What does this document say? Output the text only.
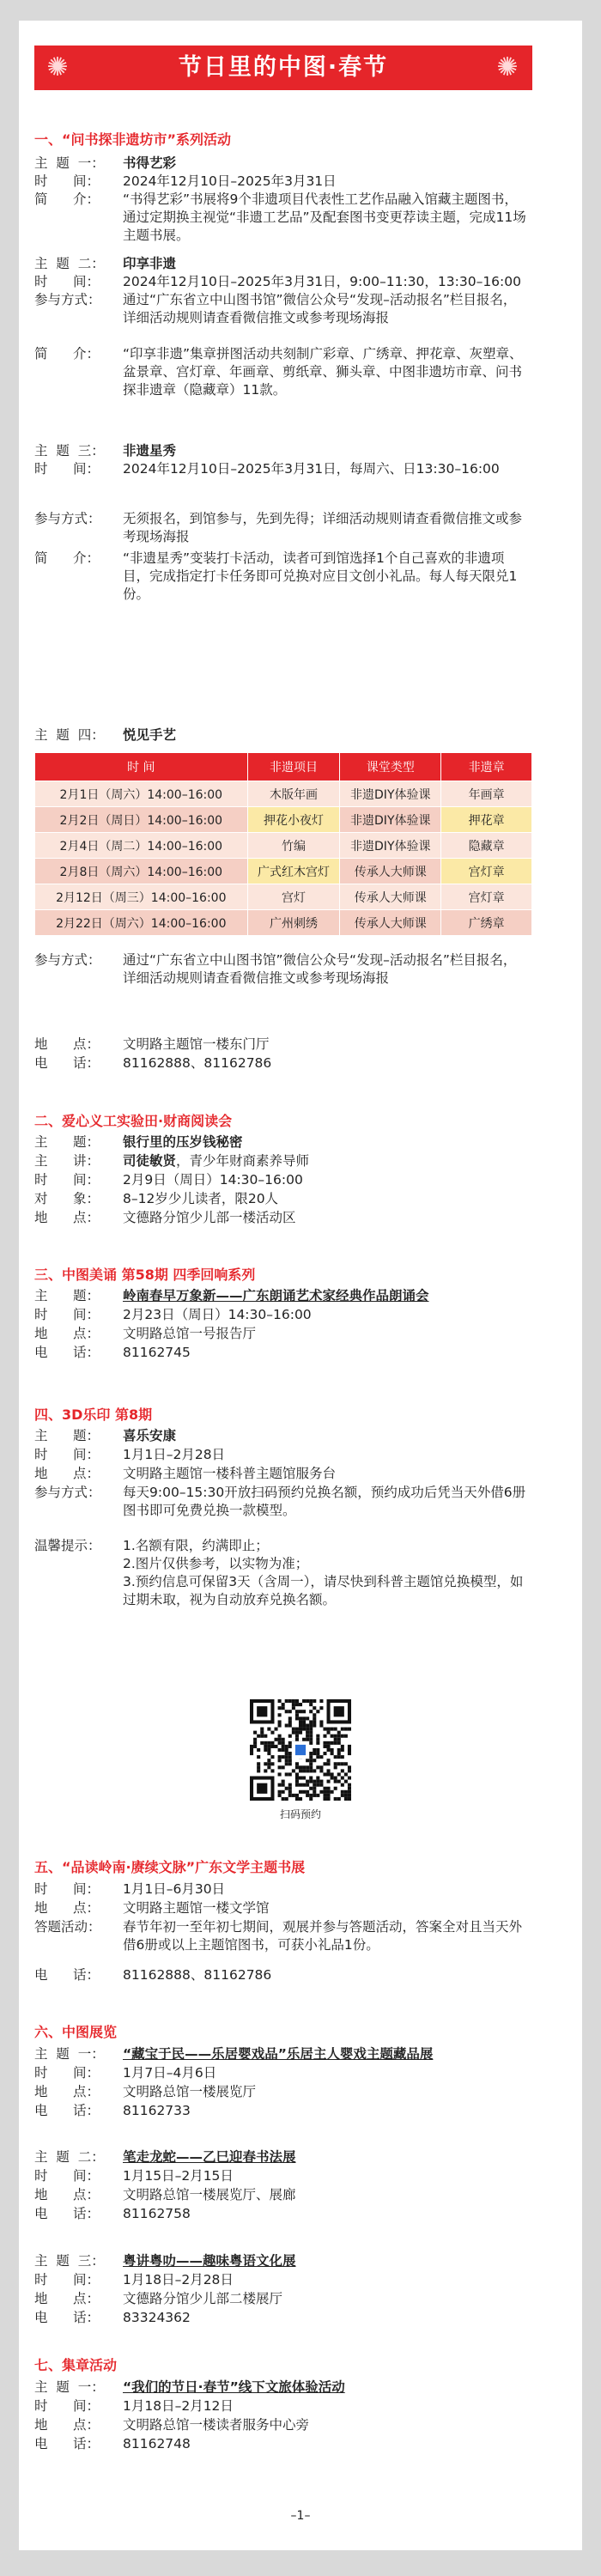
✺	节日里的中图·春节	✺
一、“问书探非遗坊市”系列活动
主  题  一：	书得艺彩
时      间：	2024年12月10日–2025年3月31日
简      介：	“书得艺彩”书展将9个非遗项目代表性工艺作品融入馆藏主题图书，通过定期换主视觉“非遗工艺品”及配套图书变更荐读主题，完成11场主题书展。
主  题  二：	印享非遗
时      间：	2024年12月10日–2025年3月31日，9:00–11:30，13:30–16:00
参与方式：	通过“广东省立中山图书馆”微信公众号“发现–活动报名”栏目报名，详细活动规则请查看微信推文或参考现场海报
简      介：	“印享非遗”集章拼图活动共刻制广彩章、广绣章、押花章、灰塑章、盆景章、宫灯章、年画章、剪纸章、狮头章、中图非遗坊市章、问书探非遗章（隐藏章）11款。
主  题  三：	非遗星秀
时      间：	2024年12月10日–2025年3月31日，每周六、日13:30–16:00
参与方式：	无须报名，到馆参与，先到先得；详细活动规则请查看微信推文或参考现场海报
简      介：	“非遗星秀”变装打卡活动，读者可到馆选择1个自己喜欢的非遗项目，完成指定打卡任务即可兑换对应目文创小礼品。每人每天限兑1份。
主  题  四：	悦见手艺
时 间	非遗项目	课堂类型	非遗章
2月1日（周六）14:00–16:00	木版年画	非遗DIY体验课	年画章
2月2日（周日）14:00–16:00	押花小夜灯	非遗DIY体验课	押花章
2月4日（周二）14:00–16:00	竹编	非遗DIY体验课	隐藏章
2月8日（周六）14:00–16:00	广式红木宫灯	传承人大师课	宫灯章
2月12日（周三）14:00–16:00	宫灯	传承人大师课	宫灯章
2月22日（周六）14:00–16:00	广州刺绣	传承人大师课	广绣章
参与方式：	通过“广东省立中山图书馆”微信公众号“发现–活动报名”栏目报名，详细活动规则请查看微信推文或参考现场海报
地      点：	文明路主题馆一楼东门厅
电      话：	81162888、81162786
二、爱心义工实验田·财商阅读会
主      题：	银行里的压岁钱秘密
主      讲：	司徒敏贤，青少年财商素养导师
时      间：	2月9日（周日）14:30–16:00
对      象：	8–12岁少儿读者，限20人
地      点：	文德路分馆少儿部一楼活动区
三、中图美诵 第58期 四季回响系列
主      题：	岭南春早万象新——广东朗诵艺术家经典作品朗诵会
时      间：	2月23日（周日）14:30–16:00
地      点：	文明路总馆一号报告厅
电      话：	81162745
四、3D乐印 第8期
主      题：	喜乐安康
时      间：	1月1日–2月28日
地      点：	文明路主题馆一楼科普主题馆服务台
参与方式：	每天9:00–15:30开放扫码预约兑换名额，预约成功后凭当天外借6册图书即可免费兑换一款模型。
温馨提示：	1.名额有限，约满即止；
2.图片仅供参考，以实物为准；
3.预约信息可保留3天（含周一），请尽快到科普主题馆兑换模型，如过期未取，视为自动放弃兑换名额。
扫码预约
五、“品读岭南·赓续文脉”广东文学主题书展
时      间：	1月1日–6月30日
地      点：	文明路主题馆一楼文学馆
答题活动：	春节年初一至年初七期间，观展并参与答题活动，答案全对且当天外借6册或以上主题馆图书，可获小礼品1份。
电      话：	81162888、81162786
六、中图展览
主  题  一：	“藏宝于民——乐居婴戏品”乐居主人婴戏主题藏品展
时      间：	1月7日–4月6日
地      点：	文明路总馆一楼展览厅
电      话：	81162733
主  题  二：	笔走龙蛇——乙巳迎春书法展
时      间：	1月15日–2月15日
地      点：	文明路总馆一楼展览厅、展廊
电      话：	81162758
主  题  三：	粤讲粤叻——趣味粤语文化展
时      间：	1月18日–2月28日
地      点：	文德路分馆少儿部二楼展厅
电      话：	83324362
七、集章活动
主  题  一：	“我们的节日·春节”线下文旅体验活动
时      间：	1月18日–2月12日
地      点：	文明路总馆一楼读者服务中心旁
电      话：	81162748
–1–
